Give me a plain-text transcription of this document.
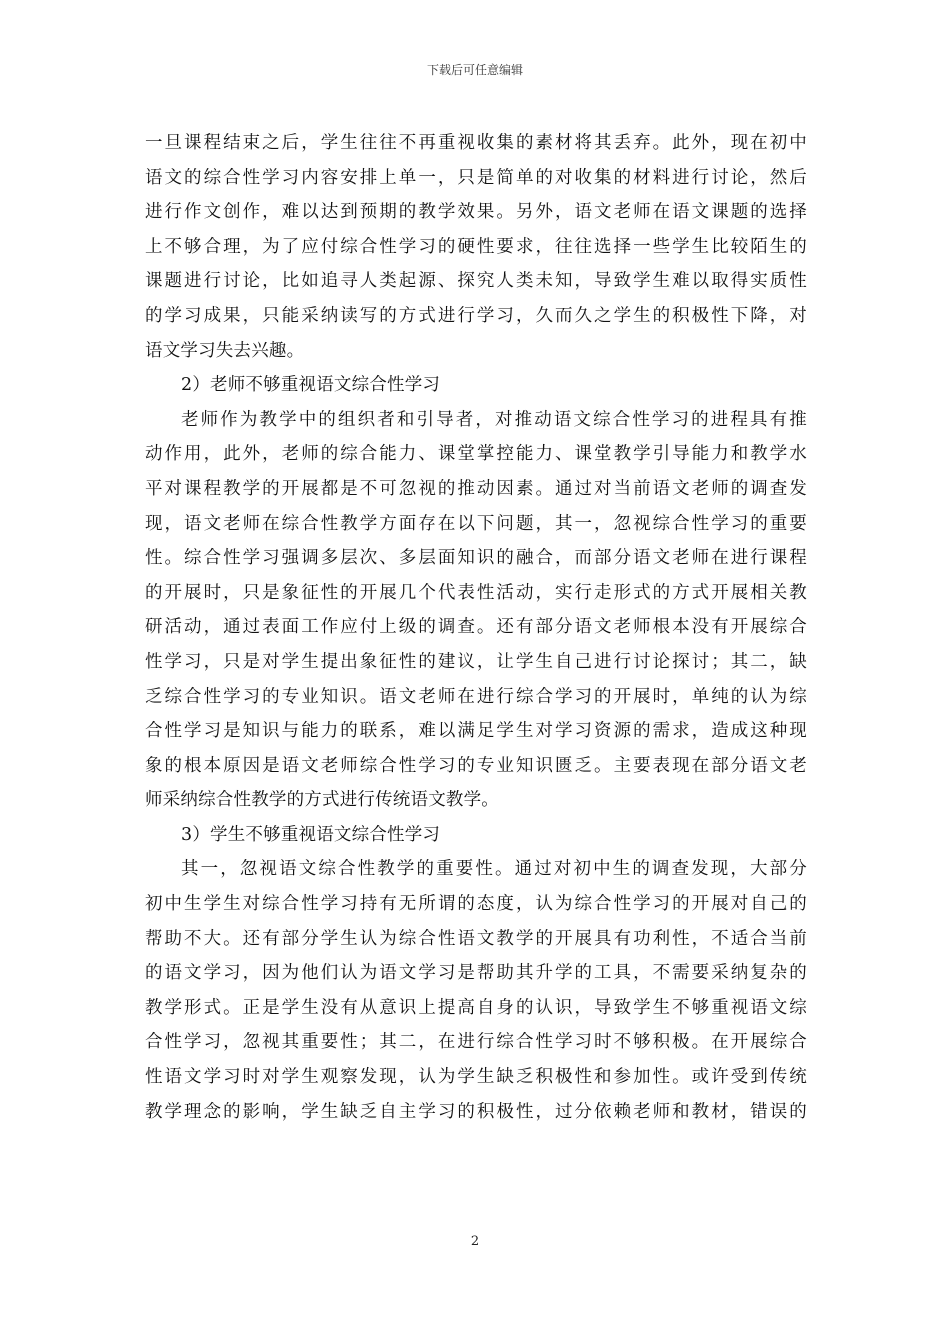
下载后可任意编辑
一旦课程结束之后，学生往往不再重视收集的素材将其丢弃。此外，现在初中
语文的综合性学习内容安排上单一，只是简单的对收集的材料进行讨论，然后
进行作文创作，难以达到预期的教学效果。另外，语文老师在语文课题的选择
上不够合理，为了应付综合性学习的硬性要求，往往选择一些学生比较陌生的
课题进行讨论，比如追寻人类起源、探究人类未知，导致学生难以取得实质性
的学习成果，只能采纳读写的方式进行学习，久而久之学生的积极性下降，对
语文学习失去兴趣。
2）老师不够重视语文综合性学习
老师作为教学中的组织者和引导者，对推动语文综合性学习的进程具有推
动作用，此外，老师的综合能力、课堂掌控能力、课堂教学引导能力和教学水
平对课程教学的开展都是不可忽视的推动因素。通过对当前语文老师的调查发
现，语文老师在综合性教学方面存在以下问题，其一，忽视综合性学习的重要
性。综合性学习强调多层次、多层面知识的融合，而部分语文老师在进行课程
的开展时，只是象征性的开展几个代表性活动，实行走形式的方式开展相关教
研活动，通过表面工作应付上级的调查。还有部分语文老师根本没有开展综合
性学习，只是对学生提出象征性的建议，让学生自己进行讨论探讨；其二，缺
乏综合性学习的专业知识。语文老师在进行综合学习的开展时，单纯的认为综
合性学习是知识与能力的联系，难以满足学生对学习资源的需求，造成这种现
象的根本原因是语文老师综合性学习的专业知识匮乏。主要表现在部分语文老
师采纳综合性教学的方式进行传统语文教学。
3）学生不够重视语文综合性学习
其一，忽视语文综合性教学的重要性。通过对初中生的调查发现，大部分
初中生学生对综合性学习持有无所谓的态度，认为综合性学习的开展对自己的
帮助不大。还有部分学生认为综合性语文教学的开展具有功利性，不适合当前
的语文学习，因为他们认为语文学习是帮助其升学的工具，不需要采纳复杂的
教学形式。正是学生没有从意识上提高自身的认识，导致学生不够重视语文综
合性学习，忽视其重要性；其二，在进行综合性学习时不够积极。在开展综合
性语文学习时对学生观察发现，认为学生缺乏积极性和参加性。或许受到传统
教学理念的影响，学生缺乏自主学习的积极性，过分依赖老师和教材，错误的
2
